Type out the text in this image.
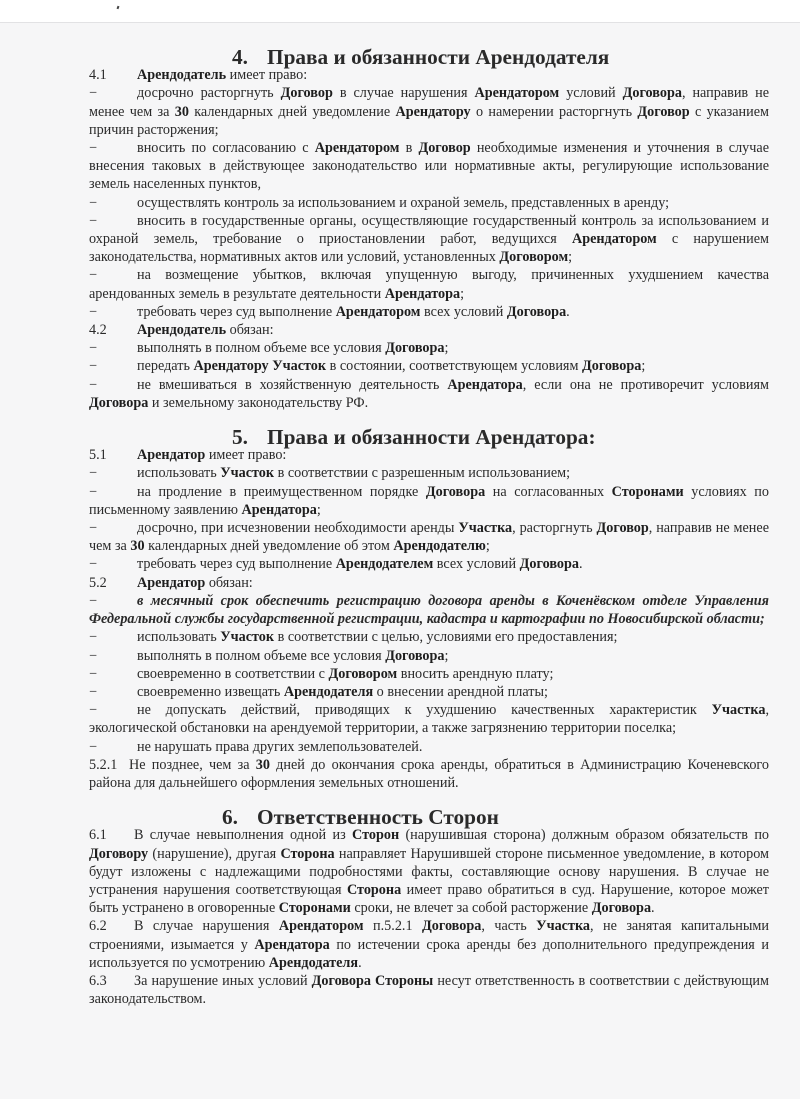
4. Права и обязанности Арендодателя

4.1 Арендодатель имеет право:

−	досрочно расторгнуть Договор в случае нарушения Арендатором условий Договора, направив не менее чем за 30 календарных дней уведомление Арендатору о намерении расторгнуть Договор с указанием причин расторжения;

−	вносить по согласованию с Арендатором в Договор необходимые изменения и уточнения в случае внесения таковых в действующее законодательство или нормативные акты, регулирующие использование земель населенных пунктов,

−	осуществлять контроль за использованием и охраной земель, представленных в аренду;

−	вносить в государственные органы, осуществляющие государственный контроль за использованием и охраной земель, требование о приостановлении работ, ведущихся Арендатором с нарушением законодательства, нормативных актов или условий, установленных Договором;

−	на возмещение убытков, включая упущенную выгоду, причиненных ухудшением качества арендованных земель в результате деятельности Арендатора;

−	требовать через суд выполнение Арендатором всех условий Договора.

4.2 Арендодатель обязан:

−	выполнять в полном объеме все условия Договора;

−	передать Арендатору Участок в состоянии, соответствующем условиям Договора;

−	не вмешиваться в хозяйственную деятельность Арендатора, если она не противоречит условиям Договора и земельному законодательству РФ.

5. Права и обязанности Арендатора:

5.1 Арендатор имеет право:

−	использовать Участок в соответствии с разрешенным использованием;

−	на продление в преимущественном порядке Договора на согласованных Сторонами условиях по письменному заявлению Арендатора;

−	досрочно, при исчезновении необходимости аренды Участка, расторгнуть Договор, направив не менее чем за 30 календарных дней уведомление об этом Арендодателю;

−	требовать через суд выполнение Арендодателем всех условий Договора.

5.2 Арендатор обязан:

−	в месячный срок обеспечить регистрацию договора аренды в Коченёвском отделе Управления Федеральной службы государственной регистрации, кадастра и картографии по Новосибирской области;

−	использовать Участок в соответствии с целью, условиями его предоставления;

−	выполнять в полном объеме все условия Договора;

−	своевременно в соответствии с Договором вносить арендную плату;

−	своевременно извещать Арендодателя о внесении арендной платы;

−	не допускать действий, приводящих к ухудшению качественных характеристик Участка, экологической обстановки на арендуемой территории, а также загрязнению территории поселка;

−	не нарушать права других землепользователей.

5.2.1 Не позднее, чем за 30 дней до окончания срока аренды, обратиться в Администрацию Коченевского района для дальнейшего оформления земельных отношений.

6. Ответственность Сторон

6.1 В случае невыполнения одной из Сторон (нарушившая сторона) должным образом обязательств по Договору (нарушение), другая Сторона направляет Нарушившей стороне письменное уведомление, в котором будут изложены с надлежащими подробностями факты, составляющие основу нарушения. В случае не устранения нарушения соответствующая Сторона имеет право обратиться в суд. Нарушение, которое может быть устранено в оговоренные Сторонами сроки, не влечет за собой расторжение Договора.

6.2 В случае нарушения Арендатором п.5.2.1 Договора, часть Участка, не занятая капитальными строениями, изымается у Арендатора по истечении срока аренды без дополнительного предупреждения и используется по усмотрению Арендодателя.

6.3 За нарушение иных условий Договора Стороны несут ответственность в соответствии с действующим законодательством.
